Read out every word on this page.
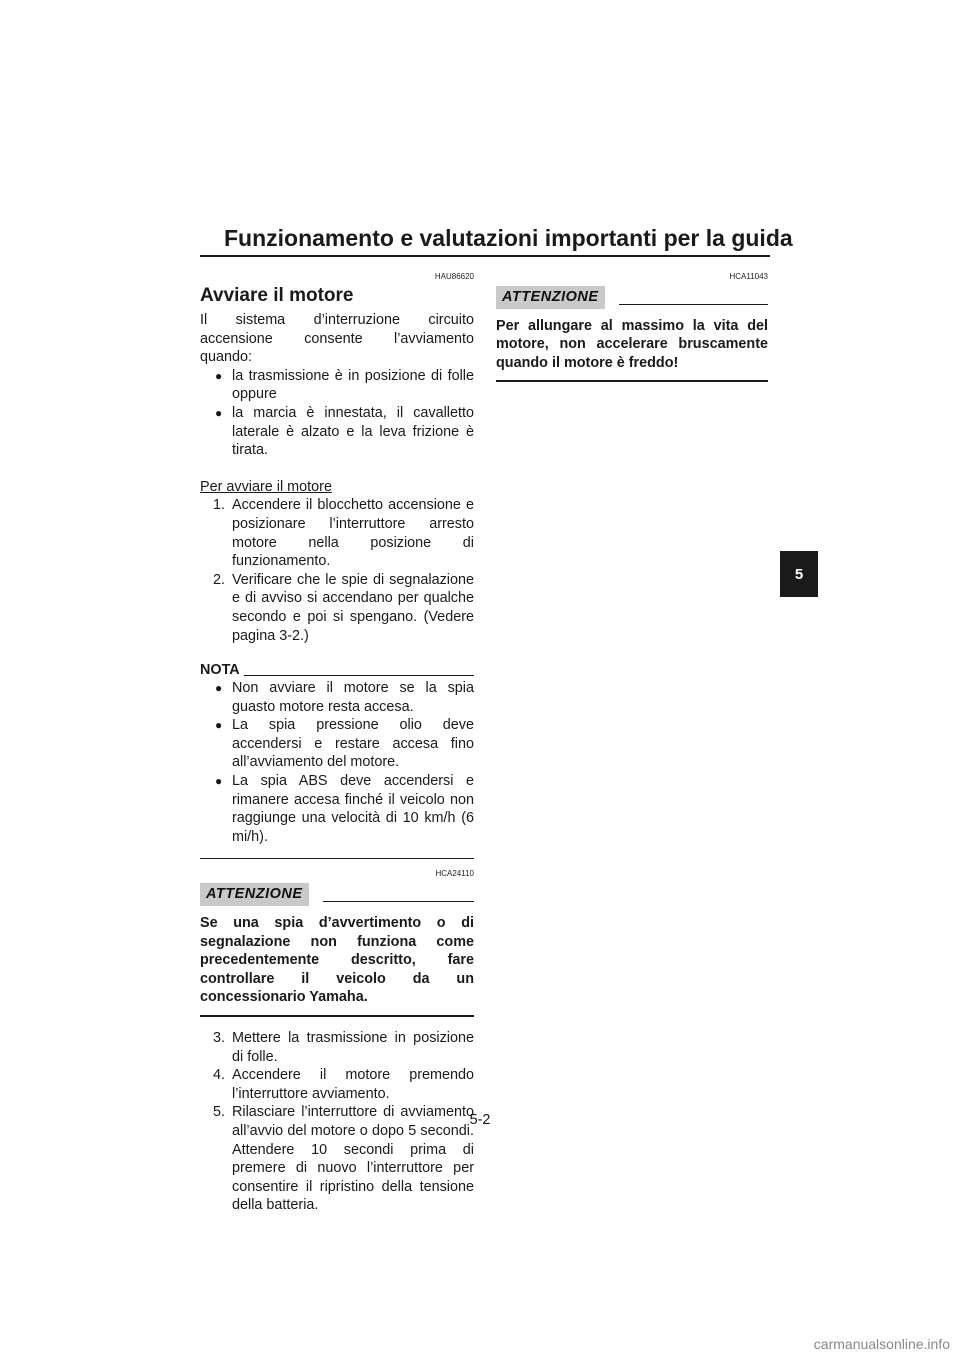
Funzionamento e valutazioni importanti per la guida
HAU86620
Avviare il motore

Il sistema d’interruzione circuito accensione consente l’avviamento quando:

● la trasmissione è in posizione di folle oppure
● la marcia è innestata, il cavalletto laterale è alzato e la leva frizione è tirata.
Per avviare il motore
1. Accendere il blocchetto accensione e posizionare l’interruttore arresto motore nella posizione di funzionamento.
2. Verificare che le spie di segnalazione e di avviso si accendano per qualche secondo e poi si spengano. (Vedere pagina 3-2.)
NOTA
● Non avviare il motore se la spia guasto motore resta accesa.
● La spia pressione olio deve accendersi e restare accesa fino all’avviamento del motore.
● La spia ABS deve accendersi e rimanere accesa finché il veicolo non raggiunge una velocità di 10 km/h (6 mi/h).
HCA24110
ATTENZIONE
Se una spia d’avvertimento o di segnalazione non funziona come precedentemente descritto, fare controllare il veicolo da un concessionario Yamaha.
3. Mettere la trasmissione in posizione di folle.
4. Accendere il motore premendo l’interruttore avviamento.
5. Rilasciare l’interruttore di avviamento all’avvio del motore o dopo 5 secondi. Attendere 10 secondi prima di premere di nuovo l’interruttore per consentire il ripristino della tensione della batteria.
HCA11043
ATTENZIONE
Per allungare al massimo la vita del motore, non accelerare bruscamente quando il motore è freddo!
5
5-2
carmanualsonline.info
